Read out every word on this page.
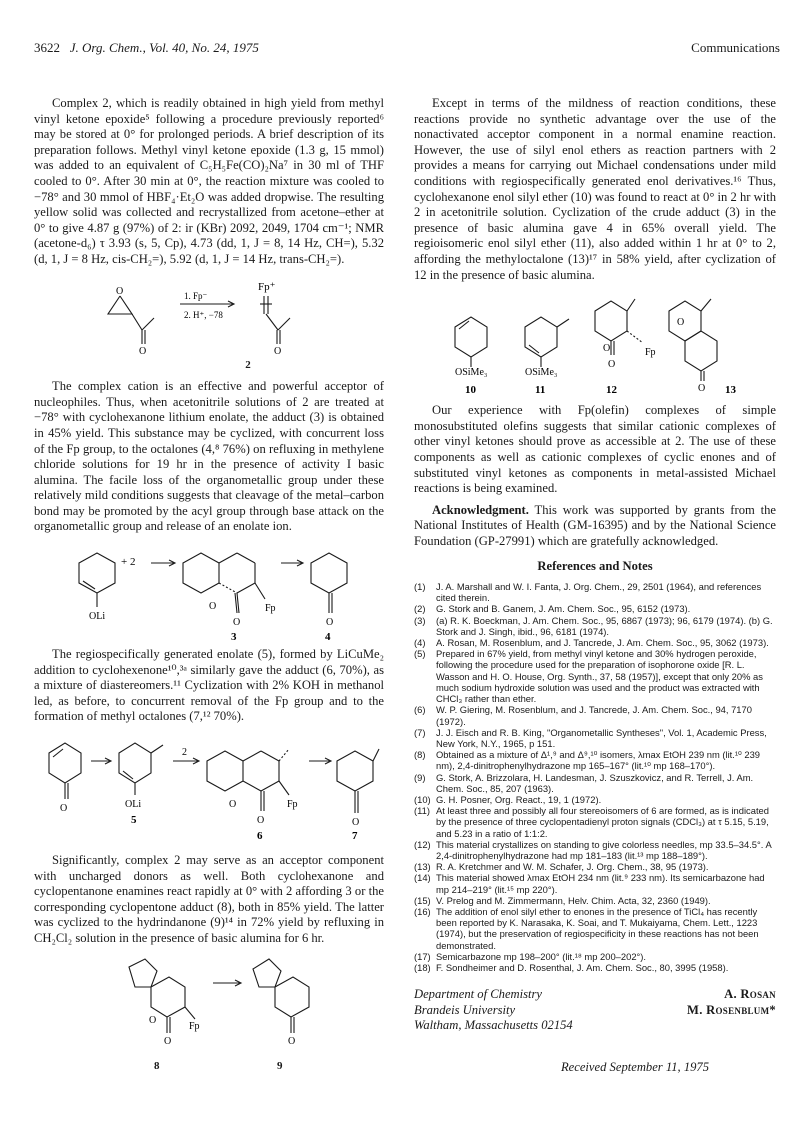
3622 J. Org. Chem., Vol. 40, No. 24, 1975	Communications

Complex 2, which is readily obtained in high yield from methyl vinyl ketone epoxide⁵ following a procedure previously reported⁶ may be stored at 0° for prolonged periods. A brief description of its preparation follows. Methyl vinyl ketone epoxide (1.3 g, 15 mmol) was added to an equivalent of C₅H₅Fe(CO)₂Na⁷ in 30 ml of THF cooled to 0°. After 30 min at 0°, the reaction mixture was cooled to −78° and 30 mmol of HBF₄·Et₂O was added dropwise. The resulting yellow solid was collected and recrystallized from acetone–ether at 0° to give 4.87 g (97%) of 2: ir (KBr) 2092, 2049, 1704 cm⁻¹; NMR (acetone-d₆) τ 3.93 (s, 5, Cp), 4.73 (dd, 1, J = 8, 14 Hz, CH=), 5.32 (d, 1, J = 8 Hz, cis-CH₂=), 5.92 (d, 1, J = 14 Hz, trans-CH₂=).

O	1. Fp⁻
2. H⁺, −78
Fp⁺
O	O
2

The complex cation is an effective and powerful acceptor of nucleophiles. Thus, when acetonitrile solutions of 2 are treated at −78° with cyclohexanone lithium enolate, the adduct (3) is obtained in 45% yield. This substance may be cyclized, with concurrent loss of the Fp group, to the octalones (4,⁸ 76%) on refluxing in methylene chloride solutions for 19 hr in the presence of activity I basic alumina. The facile loss of the organometallic group under these relatively mild conditions suggests that cleavage of the metal–carbon bond may be promoted by the acyl group through base attack on the organometallic group and release of an enolate ion.

+ 2
OLi
O	Fp
O	O
3	4

The regiospecifically generated enolate (5), formed by LiCuMe₂ addition to cyclohexenone¹⁰,³ᵃ similarly gave the adduct (6, 70%), as a mixture of diastereomers.¹¹ Cyclization with 2% KOH in methanol led, as before, to concurrent removal of the Fp group and to the formation of methyl octalones (7,¹² 70%).

O	OLi
2
Fp
O
O	O
5
6	7

Significantly, complex 2 may serve as an acceptor component with uncharged donors as well. Both cyclohexanone and cyclopentanone enamines react rapidly at 0° with 2 affording 3 or the corresponding cyclopentone adduct (8), both in 85% yield. The latter was cyclized to the hydrindanone (9)¹⁴ in 72% yield by refluxing in CH₂Cl₂ solution in the presence of basic alumina for 6 hr.

Fp
O
O	O
8	9

Except in terms of the mildness of reaction conditions, these reactions provide no synthetic advantage over the use of the nonactivated acceptor component in a normal enamine reaction. However, the use of silyl enol ethers as reaction partners with 2 provides a means for carrying out Michael condensations under mild conditions with regiospecifically generated enol derivatives.¹⁶ Thus, cyclohexanone enol silyl ether (10) was found to react at 0° in 2 hr with 2 in acetonitrile solution. Cyclization of the crude adduct (3) in the presence of basic alumina gave 4 in 65% overall yield. The regioisomeric enol silyl ether (11), also added within 1 hr at 0° to 2, affording the methyloctalone (13)¹⁷ in 58% yield, after cyclization of 12 in the presence of basic alumina.

OSiMe₃	OSiMe₃
O	Fp
O
O
O
10	11	12	13

Our experience with Fp(olefin) complexes of simple monosubstituted olefins suggests that similar cationic complexes of other vinyl ketones should prove as accessible at 2. The use of these components as well as cationic complexes of cyclic enones and of substituted vinyl ketones as components in metal-assisted Michael reactions is being examined.

Acknowledgment. This work was supported by grants from the National Institutes of Health (GM-16395) and by the National Science Foundation (GP-27991) which are gratefully acknowledged.

References and Notes
(1)	J. A. Marshall and W. I. Fanta, J. Org. Chem., 29, 2501 (1964), and references cited therein.
(2)	G. Stork and B. Ganem, J. Am. Chem. Soc., 95, 6152 (1973).
(3)	(a) R. K. Boeckman, J. Am. Chem. Soc., 95, 6867 (1973); 96, 6179 (1974). (b) G. Stork and J. Singh, ibid., 96, 6181 (1974).
(4)	A. Rosan, M. Rosenblum, and J. Tancrede, J. Am. Chem. Soc., 95, 3062 (1973).
(5)	Prepared in 67% yield, from methyl vinyl ketone and 30% hydrogen peroxide, following the procedure used for the preparation of isophorone oxide [R. L. Wasson and H. O. House, Org. Synth., 37, 58 (1957)], except that only 20% as much sodium hydroxide solution was used and the product was extracted with CHCl₃ rather than ether.
(6)	W. P. Giering, M. Rosenblum, and J. Tancrede, J. Am. Chem. Soc., 94, 7170 (1972).
(7)	J. J. Eisch and R. B. King, "Organometallic Syntheses", Vol. 1, Academic Press, New York, N.Y., 1965, p 151.
(8)	Obtained as a mixture of Δ¹,⁹ and Δ⁹,¹⁰ isomers, λmax EtOH 239 nm (lit.¹⁰ 239 nm), 2,4-dinitrophenylhydrazone mp 165–167° (lit.¹⁰ mp 168–170°).
(9)	G. Stork, A. Brizzolara, H. Landesman, J. Szuszkovicz, and R. Terrell, J. Am. Chem. Soc., 85, 207 (1963).
(10) G. H. Posner, Org. React., 19, 1 (1972).
(11) At least three and possibly all four stereoisomers of 6 are formed, as is indicated by the presence of three cyclopentadienyl proton signals (CDCl₃) at τ 5.15, 5.19, and 5.23 in a ratio of 1:1:2.
(12) This material crystallizes on standing to give colorless needles, mp 33.5–34.5°. A 2,4-dinitrophenylhydrazone had mp 181–183 (lit.¹³ mp 188–189°).
(13) R. A. Kretchmer and W. M. Schafer, J. Org. Chem., 38, 95 (1973).
(14) This material showed λmax EtOH 234 nm (lit.⁹ 233 nm). Its semicarbazone had mp 214–219° (lit.¹⁵ mp 220°).
(15) V. Prelog and M. Zimmermann, Helv. Chim. Acta, 32, 2360 (1949).
(16) The addition of enol silyl ether to enones in the presence of TiCl₄ has recently been reported by K. Narasaka, K. Soai, and T. Mukaiyama, Chem. Lett., 1223 (1974), but the preservation of regiospecificity in these reactions has not been demonstrated.
(17) Semicarbazone mp 198–200° (lit.¹⁸ mp 200–202°).
(18) F. Sondheimer and D. Rosenthal, J. Am. Chem. Soc., 80, 3995 (1958).
Department of Chemistry	A. Rosan
Brandeis University	M. Rosenblum*
Waltham, Massachusetts 02154
Received September 11, 1975
